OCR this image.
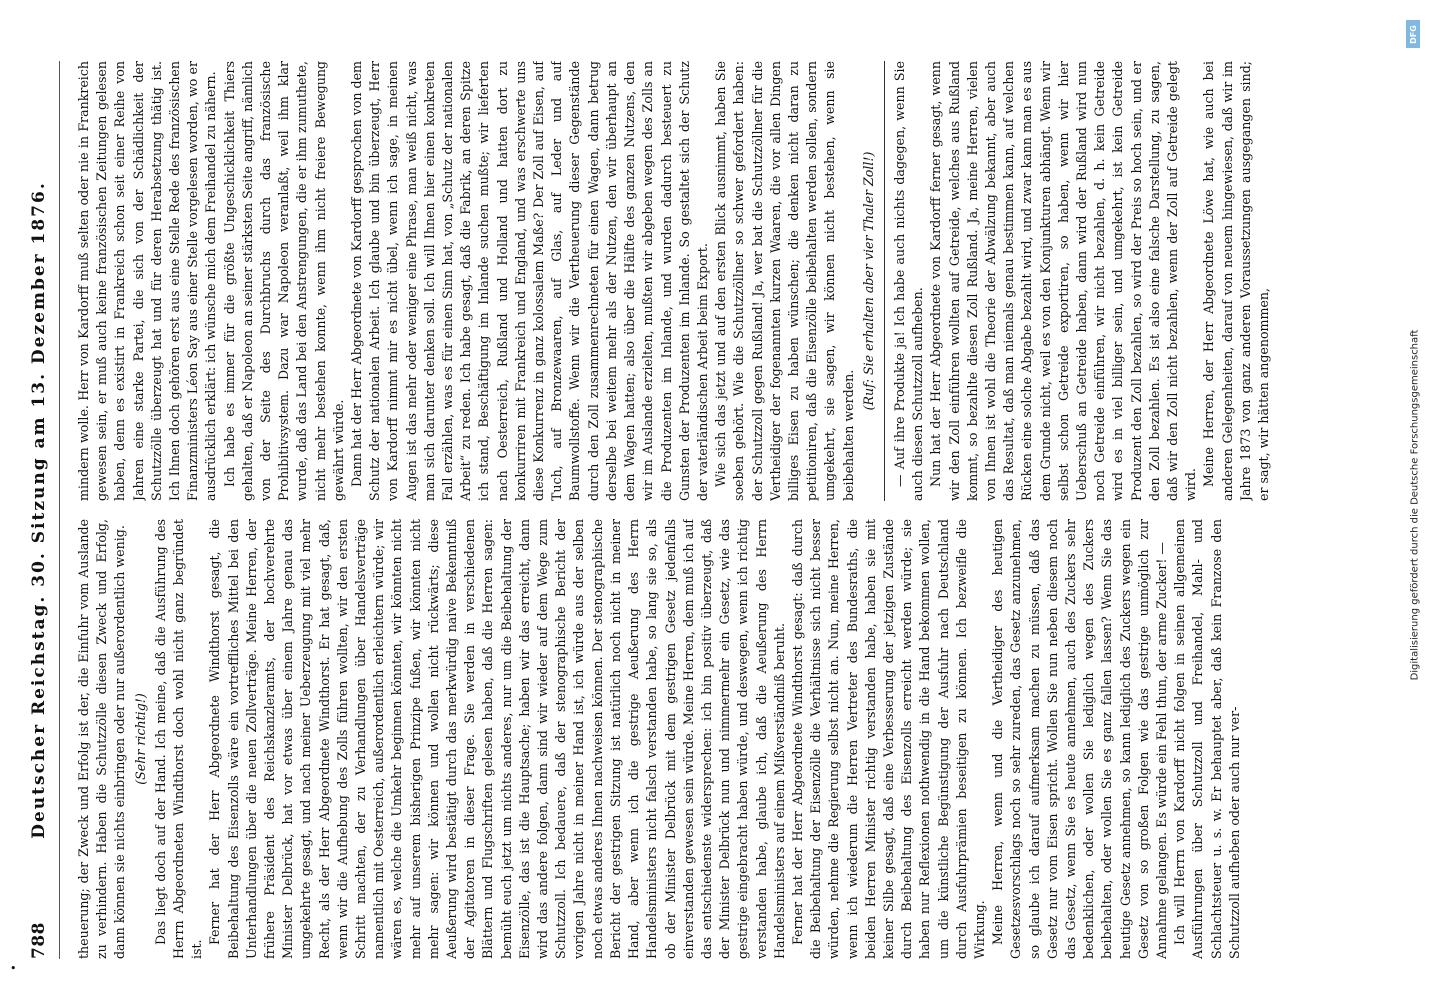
788
Deutscher Reichstag. 30. Sitzung am 13. Dezember 1876. theuerung; der Zweck und Erfolg ist der, die Einfuhr vom Auslande zu verhindern. Haben die Schutzzölle diesen Zweck und Erfolg, dann können sie nichts einbringen oder nur außerordentlich wenig. (Sehr richtig!) Das liegt doch auf der Hand. Ich meine, daß die Ausführung des Herrn Abgeordneten Windthorst doch wohl nicht ganz begründet ist.

Ferner hat der Herr Abgeordnete Windthorst gesagt, die Beibehaltung des Eisenzolls wäre ein vortreffliches Mittel bei den Unterhandlungen über die neuen Zollverträge. Meine Herren, der frühere Präsident des Reichskanzleramts, der hochverehrte Minister Delbrück, hat vor etwas über einem Jahre genau das umgekehrte gesagt, und nach meiner Ueberzeugung mit viel mehr Recht, als der Herr Abgeordnete Windthorst. Er hat gesagt, daß, wenn wir die Aufhebung des Zolls führen wollten, wir den ersten Schritt machten, der zu Verhandlungen über Handelsverträge namentlich mit Oesterreich, außerordentlich erleichtern würde; wir wären es, welche die Umkehr beginnen könnten, wir könnten nicht mehr auf unserem bisherigen Prinzipe fußen, wir könnten nicht mehr sagen: wir können und wollen nicht rückwärts; diese Aeußerung wird bestätigt durch das merkwürdig naive Bekenntniß der Agitatoren in dieser Frage. Sie werden in verschiedenen Blättern und Flugschriften gelesen haben, daß die Herren sagen: bemüht euch jetzt um nichts anderes, nur um die Beibehaltung der Eisenzölle, das ist die Hauptsache; haben wir das erreicht, dann wird das andere folgen, dann sind wir wieder auf dem Wege zum Schutzzoll. Ich bedauere, daß der stenographische Bericht der vorigen Jahre nicht in meiner Hand ist, ich würde aus der selben noch etwas anderes Ihnen nachweisen können. Der stenographische Bericht der gestrigen Sitzung ist natürlich noch nicht in meiner Hand, aber wenn ich die gestrige Aeußerung des Herrn Handelsministers nicht falsch verstanden habe, so lang sie so, als ob der Minister Delbrück mit dem gestrigen Gesetz jedenfalls einverstanden gewesen sein würde. Meine Herren, dem muß ich auf das entschiedenste widersprechen: ich bin positiv überzeugt, daß der Minister Delbrück nun und nimmermehr ein Gesetz, wie das gestrige eingebracht haben würde, und deswegen, wenn ich richtig verstanden habe, glaube ich, daß die Aeußerung des Herrn Handelsministers auf einem Mißverständniß beruht. Ferner hat der Herr Abgeordnete Windthorst gesagt: daß durch die Beibehaltung der Eisenzölle die Verhältnisse sich nicht besser würden, nehme die Regierung selbst nicht an. Nun, meine Herren, wenn ich wiederum die Herren Vertreter des Bundesraths, die beiden Herren Minister richtig verstanden habe, haben sie mit keiner Silbe gesagt, daß eine Verbesserung der jetzigen Zustände durch Beibehaltung des Eisenzolls erreicht werden würde; sie haben nur Reflexionen nothwendig in die Hand bekommen wollen, um die künstliche Begünstigung der Ausfuhr nach Deutschland durch Ausfuhrprämien beseitigen zu können. Ich bezweifle die Wirkung. Meine Herren, wenn und die Vertheidiger des heutigen Gesetzesvorschlags noch so sehr zureden, das Gesetz anzunehmen, so glaube ich darauf aufmerksam machen zu müssen, daß das Gesetz nur vom Eisen spricht. Wollen Sie nun neben diesem noch das Gesetz, wenn Sie es heute annehmen, auch des Zuckers sehr bedenklichen, oder wollen Sie lediglich wegen des Zuckers beibehalten, oder wollen Sie es ganz fallen lassen? Wenn Sie das heutige Gesetz annehmen, so kann lediglich des Zuckers wegen ein Gesetz von so großen Folgen wie das gestrige unmöglich zur Annahme gelangen. Es würde ein Fehl thun, der arme Zucker! — Ich will Herrn von Kardorff nicht folgen in seinen allgemeinen Ausführungen über Schutzzoll und Freihandel, Mahl- und Schlachtsteuer u. s. w. Er behauptet aber, daß kein Franzose den Schutzzoll aufheben oder auch nur ver-

mindern wolle. Herr von Kardorff muß selten oder nie in Frankreich gewesen sein, er muß auch keine französischen Zeitungen gelesen haben, denn es existirt in Frankreich schon seit einer Reihe von Jahren eine starke Partei, die sich von der Schädlichkeit der Schutzzölle überzeugt hat und für deren Herabsetzung thätig ist. Ich Ihnen doch gehören erst aus eine Stelle Rede des französischen Finanzministers Léon Say aus einer Stelle vorgelesen worden, wo er ausdrücklich erklärt: ich wünsche mich dem Freihandel zu nähern. Ich habe es immer für die größte Ungeschicklichkeit Thiers gehalten, daß er Napoleon an seiner stärksten Seite angriff, nämlich von der Seite des Durchbruchs durch das französische Prohibitivsystem. Dazu war Napoleon veranlaßt, weil ihm klar wurde, daß das Land bei den Anstrengungen, die er ihm zumuthete, nicht mehr bestehen konnte, wenn ihm nicht freiere Bewegung gewährt würde. Dann hat der Herr Abgeordnete von Kardorff gesprochen von dem Schutz der nationalen Arbeit. Ich glaube und bin überzeugt, Herr von Kardorff nimmt mir es nicht übel, wenn ich sage, in meinen Augen ist das mehr oder weniger eine Phrase, man weiß nicht, was man sich darunter denken soll. Ich will Ihnen hier einen konkreten Fall erzählen, was es für einen Sinn hat, von „Schutz der nationalen Arbeit“ zu reden. Ich habe gesagt, daß die Fabrik, an deren Spitze ich stand, Beschäftigung im Inlande suchen mußte; wir lieferten nach Oesterreich, Rußland und Holland und hatten dort zu konkurriren mit Frankreich und England, und was erschwerte uns diese Konkurrenz in ganz kolossalem Maße? Der Zoll auf Eisen, auf Tuch, auf Bronzewaaren, auf Glas, auf Leder und auf Baumwollstoffe. Wenn wir die Vertheuerung dieser Gegenstände durch den Zoll zusammenrechneten für einen Wagen, dann betrug derselbe bei weitem mehr als der Nutzen, den wir überhaupt an dem Wagen hatten; also über die Hälfte des ganzen Nutzens, den wir im Auslande erzielten, mußten wir abgeben wegen des Zolls an die Produzenten im Inlande, und wurden dadurch besteuert zu Gunsten der Produzenten im Inlande. So gestaltet sich der Schutz der vaterländischen Arbeit beim Export. Wie sich das jetzt und auf den ersten Blick ausnimmt, haben Sie soeben gehört. Wie die Schutzzöllner so schwer gefordert haben: der Schutzzoll gegen Rußland! Ja, wer bat die Schutzzöllner für die Vertheidiger der fogenannten kurzen Waaren, die vor allen Dingen billiges Eisen zu haben wünschen; die denken nicht daran zu petitioniren, daß die Eisenzölle beibehalten werden sollen, sondern umgekehrt, sie sagen, wir können nicht bestehen, wenn sie beibehalten werden.

(Ruf: Sie erhalten aber vier Thaler Zoll!) — Auf ihre Produkte ja! Ich habe auch nichts dagegen, wenn Sie auch diesen Schutzzoll aufheben. Nun hat der Herr Abgeordnete von Kardorff ferner gesagt, wenn wir den Zoll einführen wollten auf Getreide, welches aus Rußland kommt, so bezahlte diesen Zoll Rußland. Ja, meine Herren, vielen von Ihnen ist wohl die Theorie der Abwälzung bekannt, aber auch das Resultat, daß man niemals genau bestimmen kann, auf welchen Rücken eine solche Abgabe bezahlt wird, und zwar kann man es aus dem Grunde nicht, weil es von den Konjunkturen abhängt. Wenn wir selbst schon Getreide exportiren, so haben, wenn wir hier Ueberschuß an Getreide haben, dann wird der Rußland wird nun noch Getreide einführen, wir nicht bezahlen, d. h. kein Getreide wird es in viel billiger sein, und umgekehrt, ist kein Getreide Produzent den Zoll bezahlen, so wird der Preis so hoch sein, und er den Zoll bezahlen. Es ist also eine falsche Darstellung, zu sagen, daß wir den Zoll nicht bezahlen, wenn der Zoll auf Getreide gelegt wird. Meine Herren, der Herr Abgeordnete Löwe hat, wie auch bei anderen Gelegenheiten, darauf von neuem hingewiesen, daß wir im Jahre 1873 von ganz anderen Voraussetzungen ausgegangen sind; er sagt, wir hätten angenommen,

•
DFG
Digitalisierung gefördert durch die Deutsche Forschungsgemeinschaft
